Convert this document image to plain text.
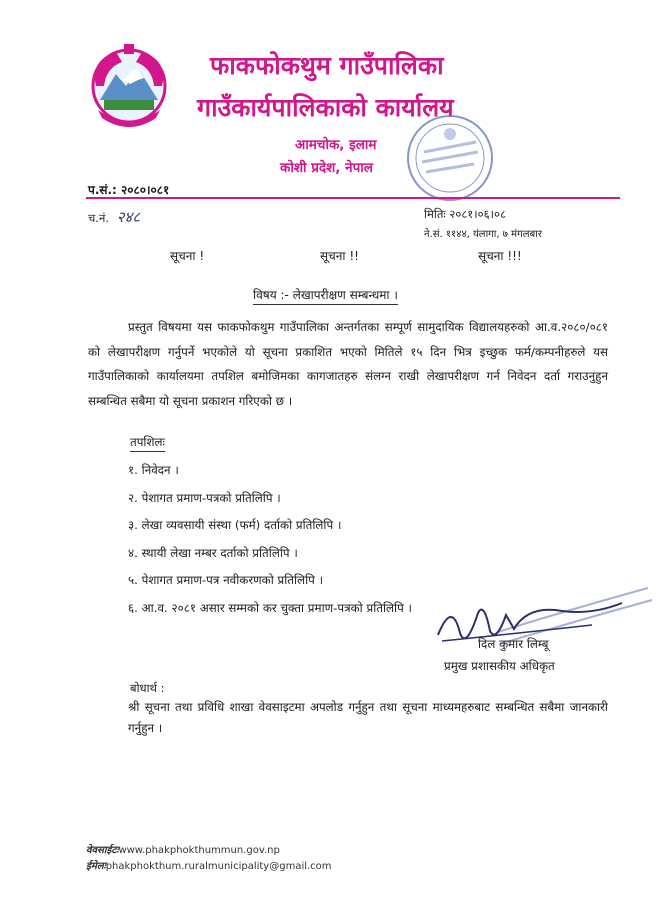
फाकफोकथुम गाउँपालिका
गाउँकार्यपालिकाको कार्यालय
आमचोक, इलाम
कोशी प्रदेश, नेपाल
प.सं.: २०८०।०८१
च.नं. २४८	मितिः २०८१।०६।०८
ने.सं. ११४४, यंलागा, ७ मंगलबार
सूचना !	सूचना !!	सूचना !!!
विषय :- लेखापरीक्षण सम्बन्धमा ।
प्रस्तुत विषयमा यस फाकफोकथुम गाउँपालिका अन्तर्गतका सम्पूर्ण सामुदायिक विद्यालयहरुको आ.व.२०८०/०८१ को लेखापरीक्षण गर्नुपर्ने भएकोले यो सूचना प्रकाशित भएको मितिले १५ दिन भित्र इच्छुक फर्म/कम्पनीहरुले यस गाउँपालिकाको कार्यालयमा तपशिल बमोजिमका कागजातहरु संलग्न राखी लेखापरीक्षण गर्न निवेदन दर्ता गराउनुहुन सम्बन्धित सबैमा यो सूचना प्रकाशन गरिएको छ ।
तपशिलः
१. निवेदन ।
२. पेशागत प्रमाण-पत्रको प्रतिलिपि ।
३. लेखा व्यवसायी संस्था (फर्म) दर्ताको प्रतिलिपि ।
४. स्थायी लेखा नम्बर दर्ताको प्रतिलिपि ।
५. पेशागत प्रमाण-पत्र नवीकरणको प्रतिलिपि ।
६. आ.व. २०८१ असार सम्मको कर चुक्ता प्रमाण-पत्रको प्रतिलिपि ।
दिल कुमार लिम्बू
प्रमुख प्रशासकीय अधिकृत
बोधार्थ :
श्री सूचना तथा प्रविधि शाखा वेवसाइटमा अपलोड गर्नुहुन तथा सूचना माध्यमहरुबाट सम्बन्धित सबैमा जानकारी गर्नुहुन ।
वेवसाईटःwww.phakphokthummun.gov.np
ईमेलःphakphokthum.ruralmunicipality@gmail.com
